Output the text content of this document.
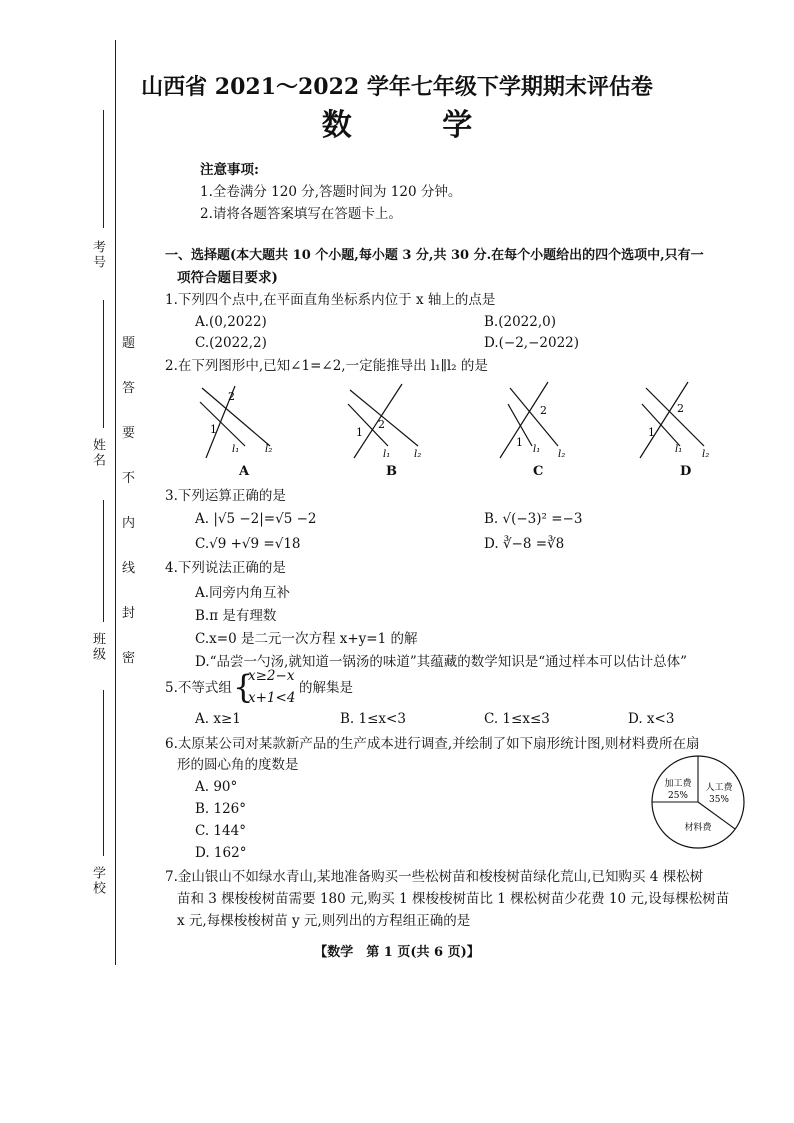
考号
姓名
班级
学校
题
答
要
不
内
线
封
密
山西省 2021～2022 学年七年级下学期期末评估卷
数 学
注意事项:
1.全卷满分 120 分,答题时间为 120 分钟。
2.请将各题答案填写在答题卡上。
一、选择题(本大题共 10 个小题,每小题 3 分,共 30 分.在每个小题给出的四个选项中,只有一
项符合题目要求)
1.下列四个点中,在平面直角坐标系内位于 x 轴上的点是
A.(0,2022)	B.(2022,0)
C.(2022,2)	D.(−2,−2022)
2.在下列图形中,已知∠1=∠2,一定能推导出 l₁∥l₂ 的是
2
1
l₁	l₂
2
1
l₁ l₂
2
1
l₁ l₂
2
1
l₁ l₂
A	B	C	D
3.下列运算正确的是
A. |√5 −2|=√5 −2	B. √(−3)² =−3
C.√9 +√9 =√18	D. ∛−8 =∛8
4.下列说法正确的是
A.同旁内角互补
B.π 是有理数
C.x=0 是二元一次方程 x+y=1 的解
D.“品尝一勺汤,就知道一锅汤的味道”其蕴藏的数学知识是“通过样本可以估计总体”
5.不等式组 {
x≥2−x
x+1<4
的解集是
A. x≥1	B. 1≤x<3	C. 1≤x≤3	D. x<3
6.太原某公司对某款新产品的生产成本进行调查,并绘制了如下扇形统计图,则材料费所在扇
形的圆心角的度数是
A. 90°
B. 126°
C. 144°
D. 162°
加工费
25%
人工费
35%
材料费
7.金山银山不如绿水青山,某地准备购买一些松树苗和梭梭树苗绿化荒山,已知购买 4 棵松树
苗和 3 棵梭梭树苗需要 180 元,购买 1 棵梭梭树苗比 1 棵松树苗少花费 10 元,设每棵松树苗
x 元,每棵梭梭树苗 y 元,则列出的方程组正确的是
【数学　第 1 页(共 6 页)】
